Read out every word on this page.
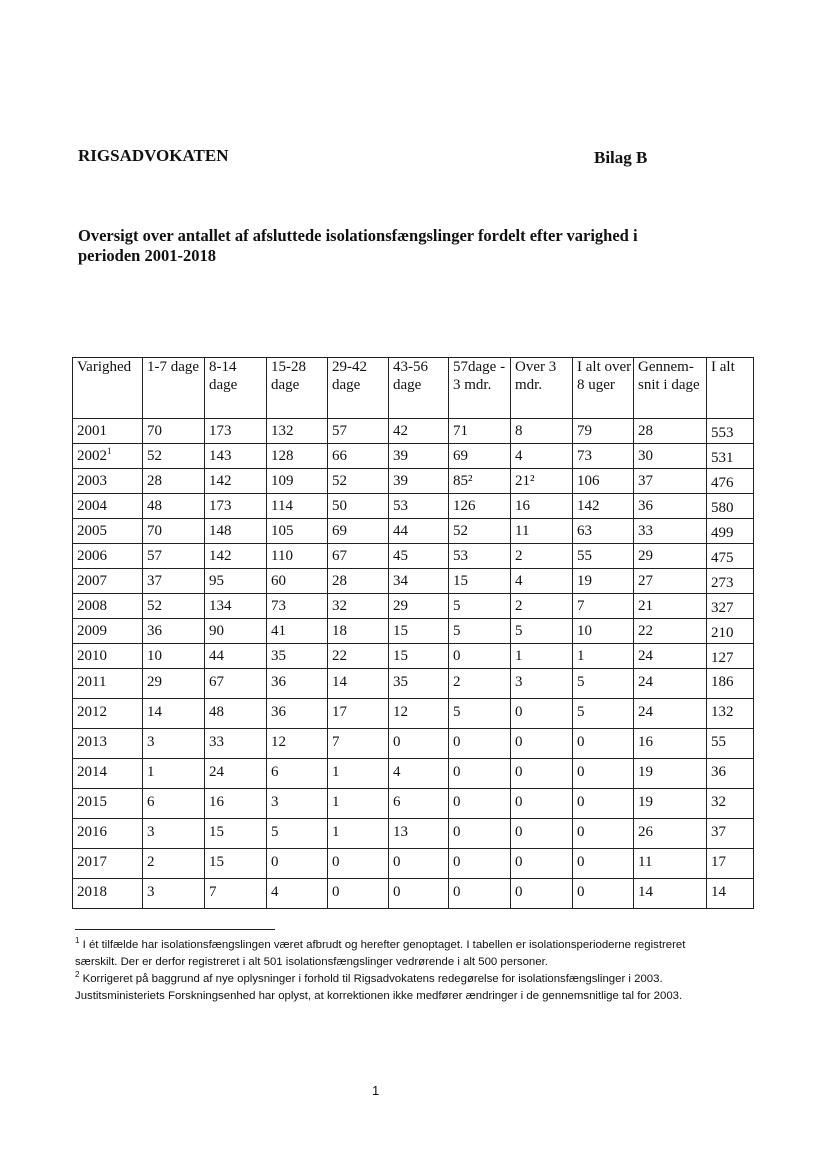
RIGSADVOKATEN	Bilag B
Oversigt over antallet af afsluttede isolationsfængslinger fordelt efter varighed i perioden 2001-2018
Varighed	1-7 dage	8-14 dage	15-28 dage	29-42 dage	43-56 dage	57dage - 3 mdr.	Over 3 mdr.	I alt over 8 uger	Gennem- snit i dage	I alt
2001	70	173	132	57	42	71	8	79	28	553
2002$^1$	52	143	128	66	39	69	4	73	30	531
2003	28	142	109	52	39	85²	21²	106	37	476
2004	48	173	114	50	53	126	16	142	36	580
2005	70	148	105	69	44	52	11	63	33	499
2006	57	142	110	67	45	53	2	55	29	475
2007	37	95	60	28	34	15	4	19	27	273
2008	52	134	73	32	29	5	2	7	21	327
2009	36	90	41	18	15	5	5	10	22	210
2010	10	44	35	22	15	0	1	1	24	127
2011	29	67	36	14	35	2	3	5	24	186
2012	14	48	36	17	12	5	0	5	24	132
2013	3	33	12	7	0	0	0	0	16	55
2014	1	24	6	1	4	0	0	0	19	36
2015	6	16	3	1	6	0	0	0	19	32
2016	3	15	5	1	13	0	0	0	26	37
2017	2	15	0	0	0	0	0	0	11	17
2018	3	7	4	0	0	0	0	0	14	14

$^1$ I ét tilfælde har isolationsfængslingen været afbrudt og herefter genoptaget. I tabellen er isolationsperioderne registreret særskilt. Der er derfor registreret i alt 501 isolationsfængslinger vedrørende i alt 500 personer.

$^2$ Korrigeret på baggrund af nye oplysninger i forhold til Rigsadvokatens redegørelse for isolationsfængslinger i 2003. Justitsministeriets Forskningsenhed har oplyst, at korrektionen ikke medfører ændringer i de gennemsnitlige tal for 2003.

1
